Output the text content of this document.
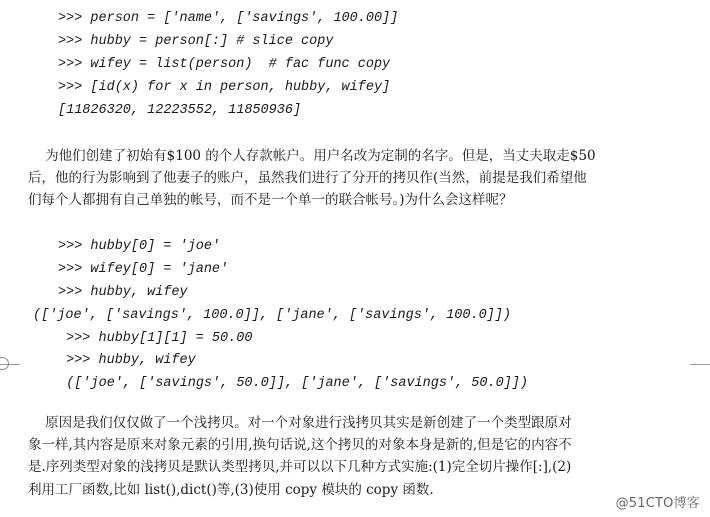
>>> person = ['name', ['savings', 100.00]]
>>> hubby = person[:] # slice copy
>>> wifey = list(person)  # fac func copy
>>> [id(x) for x in person, hubby, wifey]
[11826320, 12223552, 11850936]
为他们创建了初始有$100 的个人存款帐户。用户名改为定制的名字。但是，当丈夫取走$50
后，他的行为影响到了他妻子的账户，虽然我们进行了分开的拷贝作(当然，前提是我们希望他
们每个人都拥有自己单独的帐号，而不是一个单一的联合帐号。)为什么会这样呢？
>>> hubby[0] = 'joe'
>>> wifey[0] = 'jane'
>>> hubby, wifey
(['joe', ['savings', 100.0]], ['jane', ['savings', 100.0]])
>>> hubby[1][1] = 50.00
>>> hubby, wifey
(['joe', ['savings', 50.0]], ['jane', ['savings', 50.0]])
原因是我们仅仅做了一个浅拷贝。对一个对象进行浅拷贝其实是新创建了一个类型跟原对
象一样,其内容是原来对象元素的引用,换句话说,这个拷贝的对象本身是新的,但是它的内容不
是.序列类型对象的浅拷贝是默认类型拷贝,并可以以下几种方式实施:(1)完全切片操作[:],(2)
利用工厂函数,比如 list(),dict()等,(3)使用 copy 模块的 copy 函数.
@51CTO博客
